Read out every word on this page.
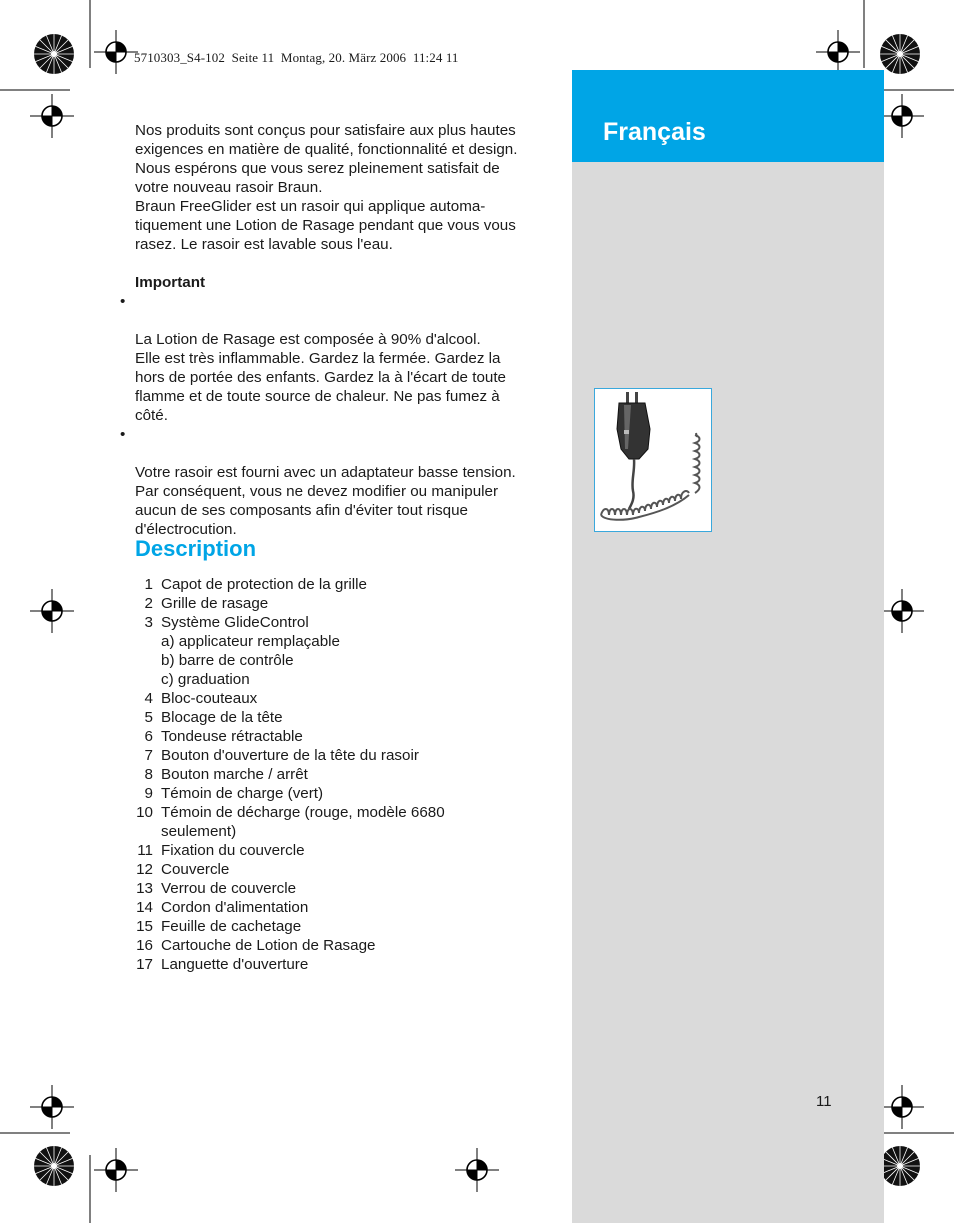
5710303_S4-102  Seite 11  Montag, 20. März 2006  11:24 11
Français

Nos produits sont conçus pour satisfaire aux plus hautes
exigences en matière de qualité, fonctionnalité et design.
Nous espérons que vous serez pleinement satisfait de
votre nouveau rasoir Braun.
Braun FreeGlider est un rasoir qui applique automa-
tiquement une Lotion de Rasage pendant que vous vous
rasez. Le rasoir est lavable sous l'eau.

Important

•

La Lotion de Rasage est composée à 90% d'alcool.
Elle est très inflammable. Gardez la fermée. Gardez la
hors de portée des enfants. Gardez la à l'écart de toute
flamme et de toute source de chaleur. Ne pas fumez à
côté.

•

Votre rasoir est fourni avec un adaptateur basse tension.
Par conséquent, vous ne devez modifier ou manipuler
aucun de ses composants afin d'éviter tout risque
d'électrocution.

Description
1 Capot de protection de la grille
2 Grille de rasage
3 Système GlideControl
a) applicateur remplaçable
b) barre de contrôle
c) graduation
4 Bloc-couteaux
5 Blocage de la tête
6 Tondeuse rétractable
7 Bouton d'ouverture de la tête du rasoir
8 Bouton marche / arrêt
9 Témoin de charge (vert)
10 Témoin de décharge (rouge, modèle 6680
seulement)
11 Fixation du couvercle
12 Couvercle
13 Verrou de couvercle
14 Cordon d'alimentation
15 Feuille de cachetage
16 Cartouche de Lotion de Rasage
17 Languette d'ouverture
11
